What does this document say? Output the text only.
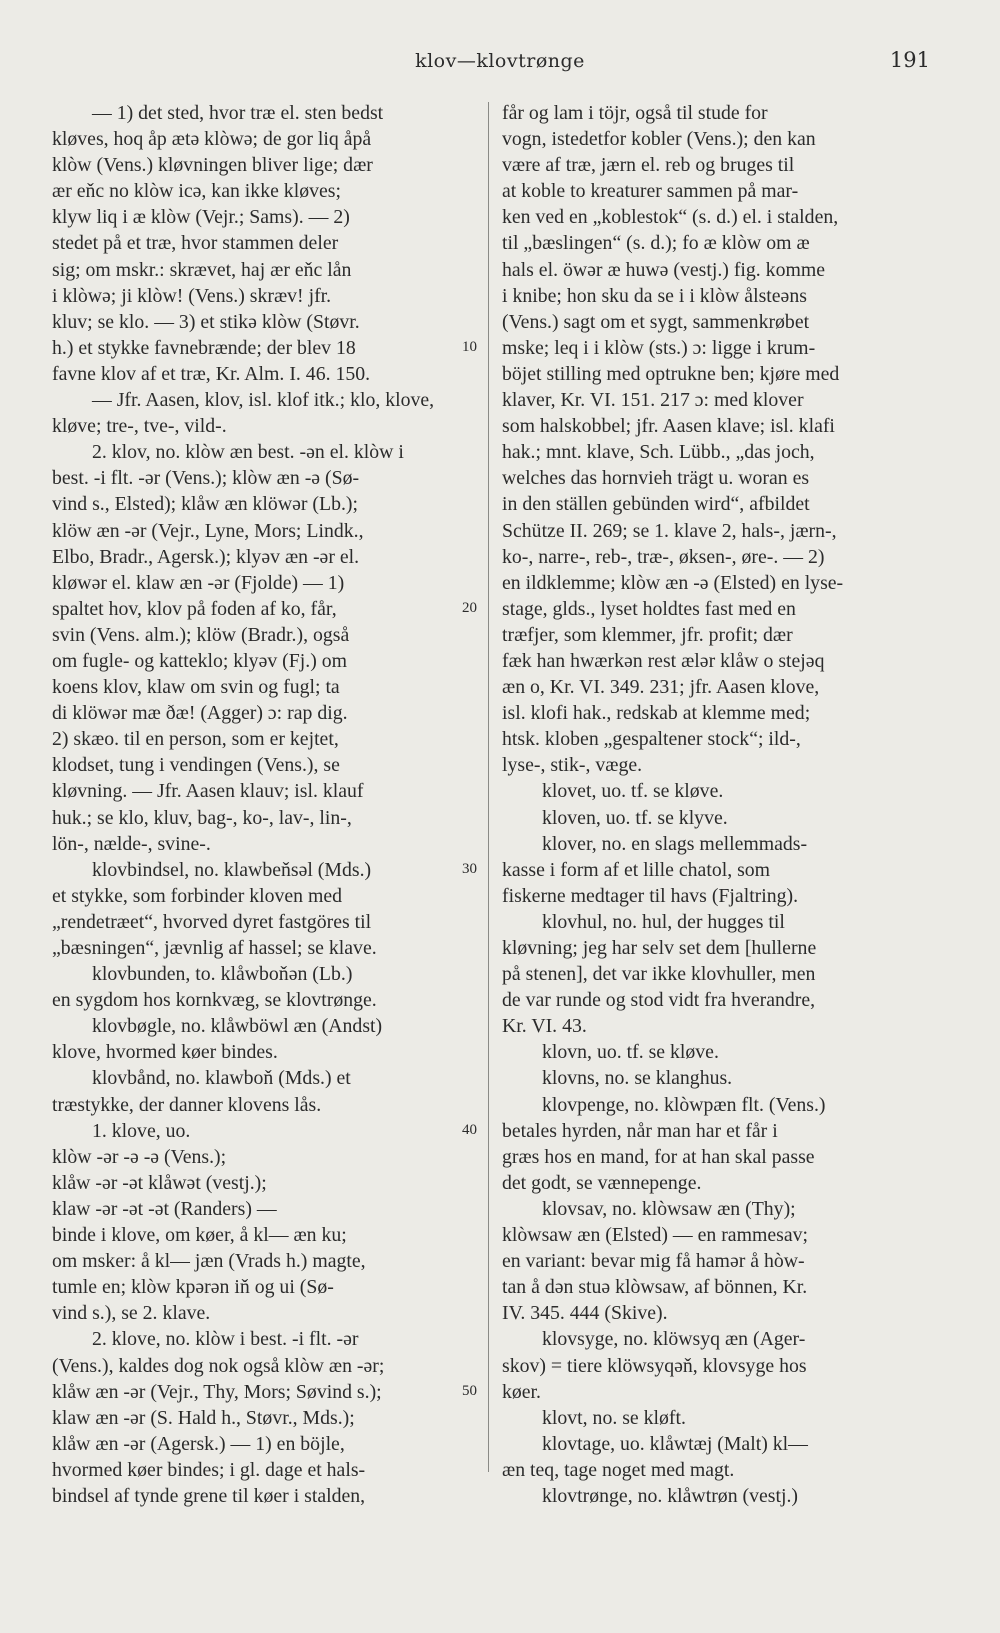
klov—klovtrønge	191
— 1) det sted, hvor træ el. sten bedst
kløves, hoq åp ætə klòwə; de gor liq åpå
klòw (Vens.) kløvningen bliver lige; dær
ær eňc no klòw icə, kan ikke kløves;
klyw liq i æ klòw (Vejr.; Sams). — 2)
stedet på et træ, hvor stammen deler
sig; om mskr.: skrævet, haj ær eňc lån
i klòwə; ji klòw! (Vens.) skræv! jfr.
kluv; se klo. — 3) et stikə klòw (Støvr.
h.) et stykke favnebrænde; der blev 18
favne klov af et træ, Kr. Alm. I. 46. 150.
— Jfr. Aasen, klov, isl. klof itk.; klo, klove,
kløve; tre-, tve-, vild-.
2. klov, no. klòw æn best. -ən el. klòw i
best. -i flt. -ər (Vens.); klòw æn -ə (Sø-
vind s., Elsted); klåw æn klöwər (Lb.);
klöw æn -ər (Vejr., Lyne, Mors; Lindk.,
Elbo, Bradr., Agersk.); klyəv æn -ər el.
kløwər el. klaw æn -ər (Fjolde) — 1)
spaltet hov, klov på foden af ko, får,
svin (Vens. alm.); klöw (Bradr.), også
om fugle- og katteklo; klyəv (Fj.) om
koens klov, klaw om svin og fugl; ta
di klöwər mæ ðæ! (Agger) ɔ: rap dig.
2) skæo. til en person, som er kejtet,
klodset, tung i vendingen (Vens.), se
kløvning. — Jfr. Aasen klauv; isl. klauf
huk.; se klo, kluv, bag-, ko-, lav-, lin-,
lön-, nælde-, svine-.
klovbindsel, no. klawbeňsəl (Mds.)
et stykke, som forbinder kloven med
„rendetræet“, hvorved dyret fastgöres til
„bæsningen“, jævnlig af hassel; se klave.
klovbunden, to. klåwboňən (Lb.)
en sygdom hos kornkvæg, se klovtrønge.
klovbøgle, no. klåwböwl æn (Andst)
klove, hvormed køer bindes.
klovbånd, no. klawboň (Mds.) et
træstykke, der danner klovens lås.
1. klove, uo.
klòw -ər -ə -ə (Vens.);
klåw -ər -ət klåwət (vestj.);
klaw -ər -ət -ət (Randers) —
binde i klove, om køer, å kl— æn ku;
om msker: å kl— jæn (Vrads h.) magte,
tumle en; klòw kpərən iň og ui (Sø-
vind s.), se 2. klave.
2. klove, no. klòw i best. -i flt. -ər
(Vens.), kaldes dog nok også klòw æn -ər;
klåw æn -ər (Vejr., Thy, Mors; Søvind s.);
klaw æn -ər (S. Hald h., Støvr., Mds.);
klåw æn -ər (Agersk.) — 1) en böjle,
hvormed køer bindes; i gl. dage et hals-
bindsel af tynde grene til køer i stalden,
får og lam i töjr, også til stude for
vogn, istedetfor kobler (Vens.); den kan
være af træ, jærn el. reb og bruges til
at koble to kreaturer sammen på mar-
ken ved en „koblestok“ (s. d.) el. i stalden,
til „bæslingen“ (s. d.); fo æ klòw om æ
hals el. öwər æ huwə (vestj.) fig. komme
i knibe; hon sku da se i i klòw ålsteəns
(Vens.) sagt om et sygt, sammenkrøbet
mske; leq i i klòw (sts.) ɔ: ligge i krum-
böjet stilling med optrukne ben; kjøre med
klaver, Kr. VI. 151. 217 ɔ: med klover
som halskobbel; jfr. Aasen klave; isl. klafi
hak.; mnt. klave, Sch. Lübb., „das joch,
welches das hornvieh trägt u. woran es
in den ställen gebünden wird“, afbildet
Schütze II. 269; se 1. klave 2, hals-, jærn-,
ko-, narre-, reb-, træ-, øksen-, øre-. — 2)
en ildklemme; klòw æn -ə (Elsted) en lyse-
stage, glds., lyset holdtes fast med en
træfjer, som klemmer, jfr. profit; dær
fæk han hwærkən rest ælər klåw o stejəq
æn o, Kr. VI. 349. 231; jfr. Aasen klove,
isl. klofi hak., redskab at klemme med;
htsk. kloben „gespaltener stock“; ild-,
lyse-, stik-, væge.
klovet, uo. tf. se kløve.
kloven, uo. tf. se klyve.
klover, no. en slags mellemmads-
kasse i form af et lille chatol, som
fiskerne medtager til havs (Fjaltring).
klovhul, no. hul, der hugges til
kløvning; jeg har selv set dem [hullerne
på stenen], det var ikke klovhuller, men
de var runde og stod vidt fra hverandre,
Kr. VI. 43.
klovn, uo. tf. se kløve.
klovns, no. se klanghus.
klovpenge, no. klòwpæn flt. (Vens.)
betales hyrden, når man har et får i
græs hos en mand, for at han skal passe
det godt, se vænnepenge.
klovsav, no. klòwsaw æn (Thy);
klòwsaw æn (Elsted) — en rammesav;
en variant: bevar mig få hamər å hòw-
tan å dən stuə klòwsaw, af bönnen, Kr.
IV. 345. 444 (Skive).
klovsyge, no. klöwsyq æn (Ager-
skov) = tiere klöwsyqəň, klovsyge hos
køer.
klovt, no. se kløft.
klovtage, uo. klåwtæj (Malt) kl—
æn teq, tage noget med magt.
klovtrønge, no. klåwtrøn (vestj.)
10
20
30
40
50
